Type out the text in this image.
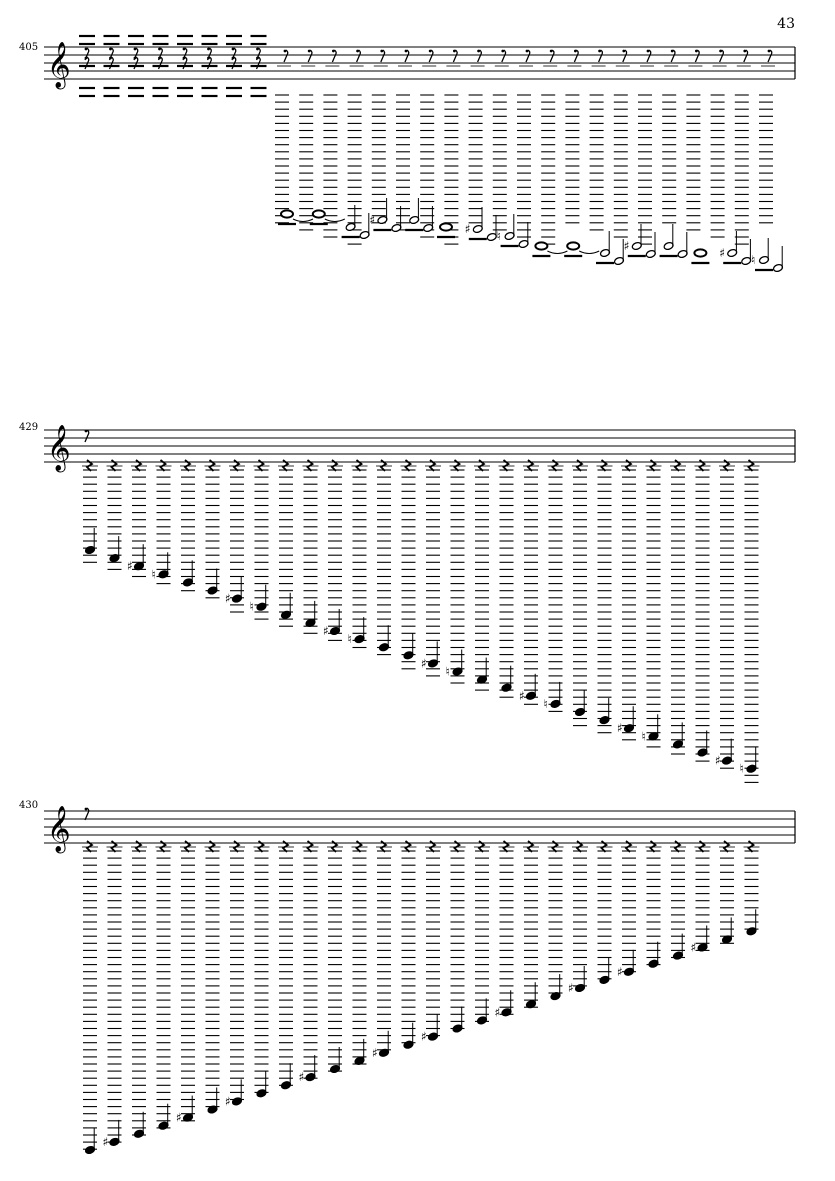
43
405
429
430
𝄞
♯
♯ ♮
♯	♯ ♮
𝄞
♯
♮
♯
♮
♯
♮
♯
♮
♯
♮
♯
♮
♯
♮
𝄞
♯
♯
♯
♯
♯
♯
♯
♯
♯
♯
